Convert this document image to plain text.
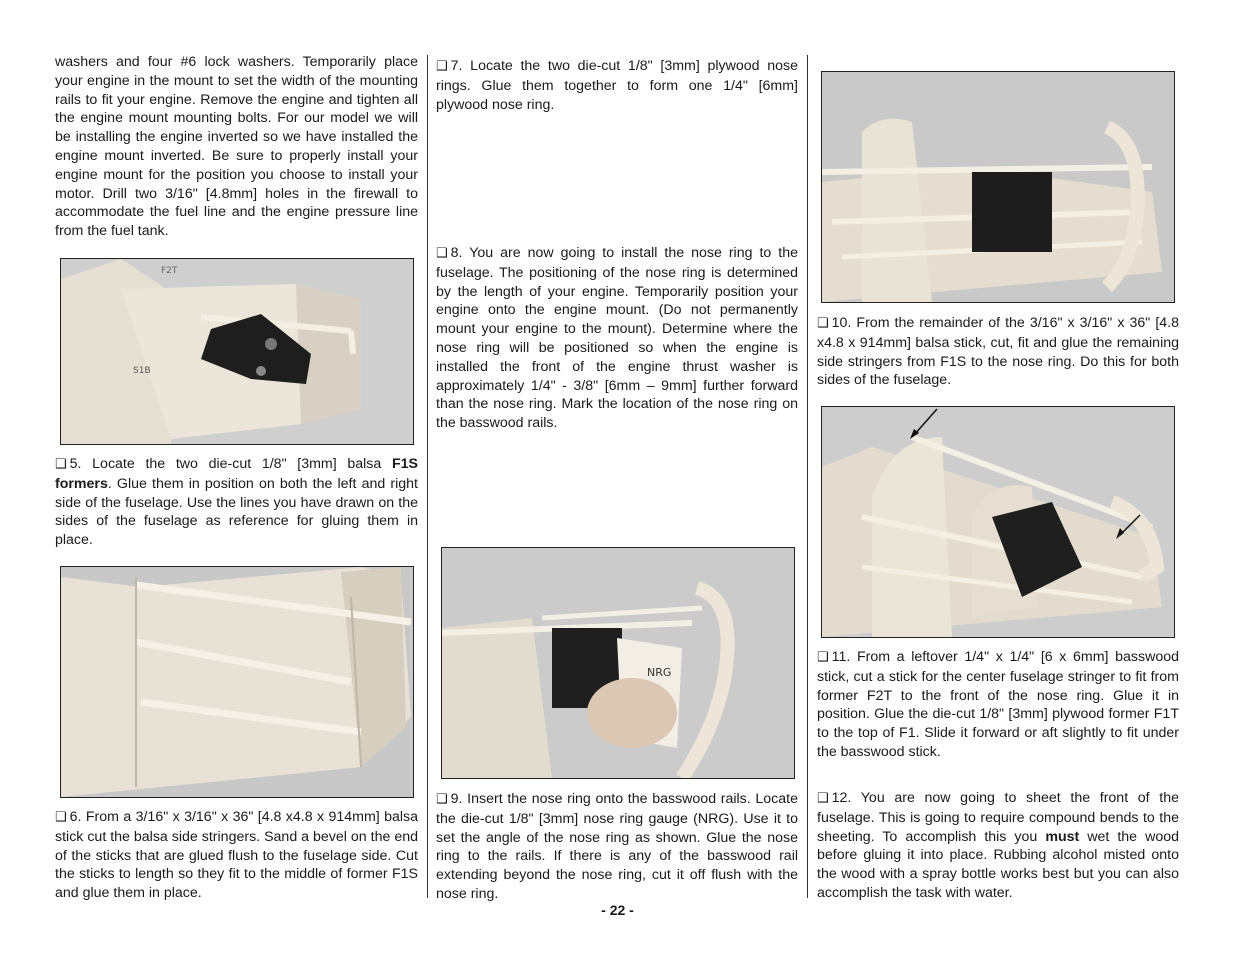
washers and four #6 lock washers. Temporarily place your engine in the mount to set the width of the mounting rails to fit your engine. Remove the engine and tighten all the engine mount mounting bolts. For our model we will be installing the engine inverted so we have installed the engine mount inverted. Be sure to properly install your engine mount for the position you choose to install your motor. Drill two 3/16" [4.8mm] holes in the firewall to accommodate the fuel line and the engine pressure line from the fuel tank.

S1B
F2T

❑ 5. Locate the two die-cut 1/8" [3mm] balsa F1S formers. Glue them in position on both the left and right side of the fuselage. Use the lines you have drawn on the sides of the fuselage as reference for gluing them in place.

❑ 6. From a 3/16" x 3/16" x 36" [4.8 x4.8 x 914mm] balsa stick cut the balsa side stringers. Sand a bevel on the end of the sticks that are glued flush to the fuselage side. Cut the sticks to length so they fit to the middle of former F1S and glue them in place.

❑ 7. Locate the two die-cut 1/8" [3mm] plywood nose rings. Glue them together to form one 1/4" [6mm] plywood nose ring.

❑ 8. You are now going to install the nose ring to the fuselage. The positioning of the nose ring is determined by the length of your engine. Temporarily position your engine onto the engine mount. (Do not permanently mount your engine to the mount). Determine where the nose ring will be positioned so when the engine is installed the front of the engine thrust washer is approximately 1/4" - 3/8" [6mm – 9mm] further forward than the nose ring. Mark the location of the nose ring on the basswood rails.

NRG

❑ 9. Insert the nose ring onto the basswood rails. Locate the die-cut 1/8" [3mm] nose ring gauge (NRG). Use it to set the angle of the nose ring as shown. Glue the nose ring to the rails. If there is any of the basswood rail extending beyond the nose ring, cut it off flush with the nose ring.

❑ 10. From the remainder of the 3/16" x 3/16" x 36" [4.8 x4.8 x 914mm] balsa stick, cut, fit and glue the remaining side stringers from F1S to the nose ring. Do this for both sides of the fuselage.

❑ 11. From a leftover 1/4" x 1/4" [6 x 6mm] basswood stick, cut a stick for the center fuselage stringer to fit from former F2T to the front of the nose ring. Glue it in position. Glue the die-cut 1/8" [3mm] plywood former F1T to the top of F1. Slide it forward or aft slightly to fit under the basswood stick.

❑ 12. You are now going to sheet the front of the fuselage. This is going to require compound bends to the sheeting. To accomplish this you must wet the wood before gluing it into place. Rubbing alcohol misted onto the wood with a spray bottle works best but you can also accomplish the task with water.

- 22 -
